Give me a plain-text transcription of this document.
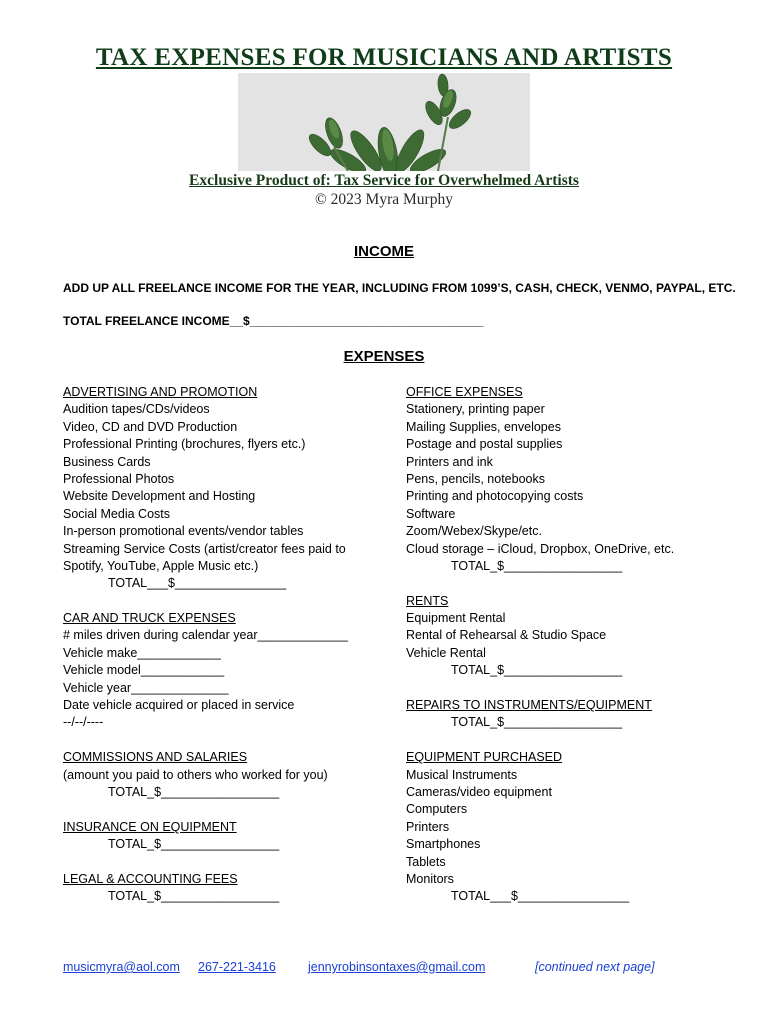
TAX EXPENSES FOR MUSICIANS AND ARTISTS
Exclusive Product of: Tax Service for Overwhelmed Artists
© 2023 Myra Murphy
INCOME
ADD UP ALL FREELANCE INCOME FOR THE YEAR, INCLUDING FROM 1099’S, CASH, CHECK, VENMO, PAYPAL, ETC.
TOTAL FREELANCE INCOME__$___________________________________
EXPENSES
ADVERTISING AND PROMOTION
Audition tapes/CDs/videos
Video, CD and DVD Production
Professional Printing (brochures, flyers etc.)
Business Cards
Professional Photos
Website Development and Hosting
Social Media Costs
In-person promotional events/vendor tables
Streaming Service Costs (artist/creator fees paid to
Spotify, YouTube, Apple Music etc.)
TOTAL___$________________
CAR AND TRUCK EXPENSES
# miles driven during calendar year_____________
Vehicle make____________
Vehicle model____________
Vehicle year______________
Date vehicle acquired or placed in service
--/--/----
COMMISSIONS AND SALARIES
(amount you paid to others who worked for you)
TOTAL_$_________________
INSURANCE ON EQUIPMENT
TOTAL_$_________________
LEGAL & ACCOUNTING FEES
TOTAL_$_________________
OFFICE EXPENSES
Stationery, printing paper
Mailing Supplies, envelopes
Postage and postal supplies
Printers and ink
Pens, pencils, notebooks
Printing and photocopying costs
Software
Zoom/Webex/Skype/etc.
Cloud storage – iCloud, Dropbox, OneDrive, etc.
TOTAL_$_________________
RENTS
Equipment Rental
Rental of Rehearsal & Studio Space
Vehicle Rental
TOTAL_$_________________
REPAIRS TO INSTRUMENTS/EQUIPMENT
TOTAL_$_________________
EQUIPMENT PURCHASED
Musical Instruments
Cameras/video equipment
Computers
Printers
Smartphones
Tablets
Monitors
TOTAL___$________________
musicmyra@aol.com 267-221-3416	jennyrobinsontaxes@gmail.com	[continued next page]
